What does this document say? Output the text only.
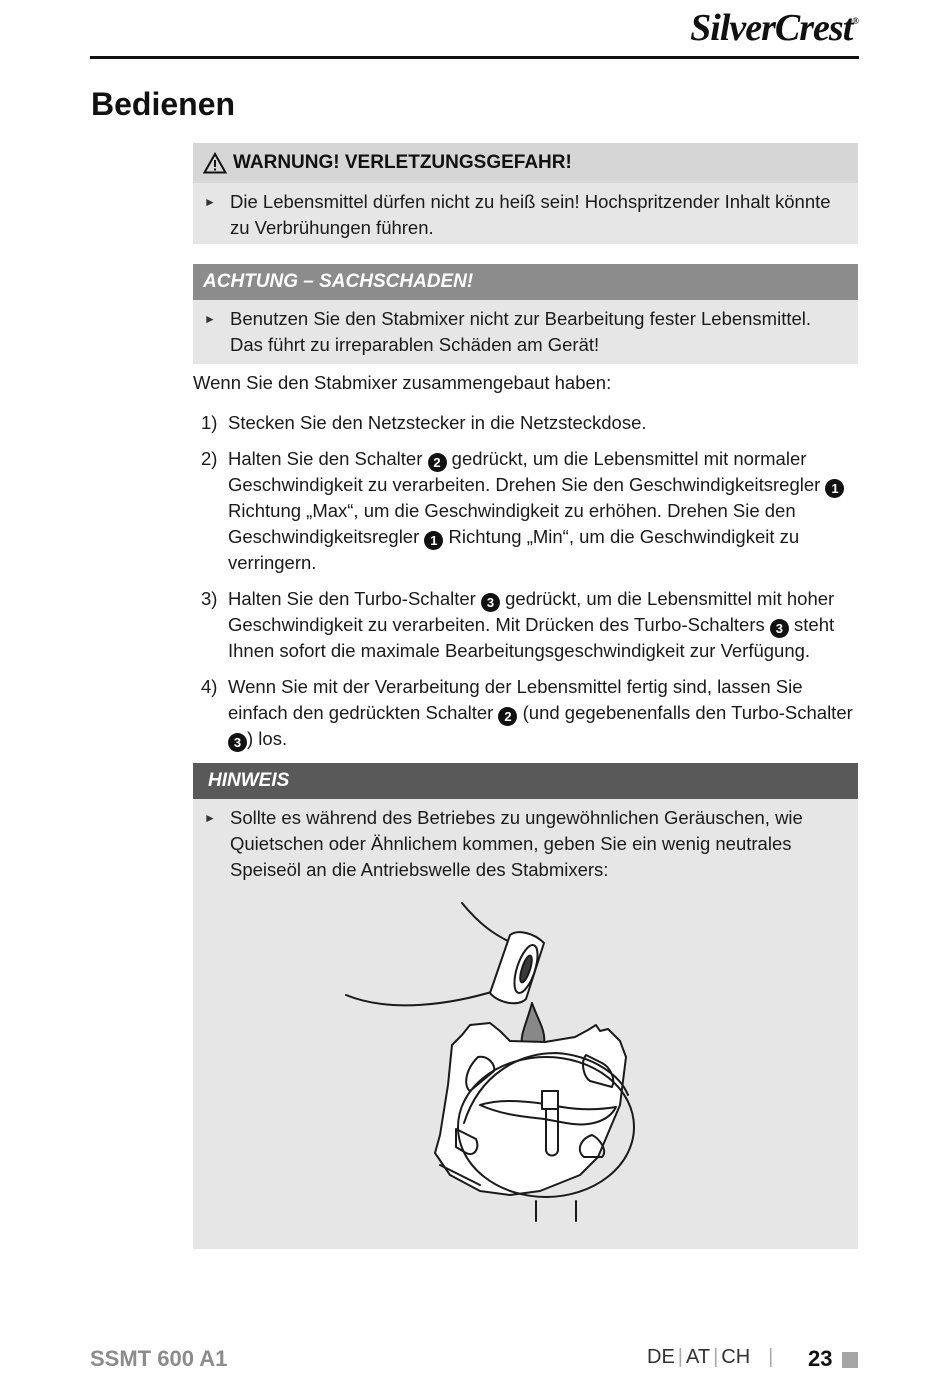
SilverCrest®
Bedienen
WARNUNG! VERLETZUNGSGEFAHR!
► Die Lebensmittel dürfen nicht zu heiß sein! Hochspritzender Inhalt könnte zu Verbrühungen führen.
ACHTUNG – SACHSCHADEN!
► Benutzen Sie den Stabmixer nicht zur Bearbeitung fester Lebensmittel. Das führt zu irreparablen Schäden am Gerät!

Wenn Sie den Stabmixer zusammengebaut haben:

1) Stecken Sie den Netzstecker in die Netzsteckdose.
2) Halten Sie den Schalter 2 gedrückt, um die Lebensmittel mit normaler Geschwindigkeit zu verarbeiten. Drehen Sie den Geschwindigkeitsregler 1 Richtung „Max“, um die Geschwindigkeit zu erhöhen. Drehen Sie den Geschwindigkeitsregler 1 Richtung „Min“, um die Geschwindigkeit zu verringern.
3) Halten Sie den Turbo-Schalter 3 gedrückt, um die Lebensmittel mit hoher Geschwindigkeit zu verarbeiten. Mit Drücken des Turbo-Schalters 3 steht Ihnen sofort die maximale Bearbeitungsgeschwindigkeit zur Verfügung.
4) Wenn Sie mit der Verarbeitung der Lebensmittel fertig sind, lassen Sie einfach den gedrückten Schalter 2 (und gegebenenfalls den Turbo-Schalter 3 ) los.
HINWEIS
► Sollte es während des Betriebes zu ungewöhnlichen Geräuschen, wie Quietschen oder Ähnlichem kommen, geben Sie ein wenig neutrales Speiseöl an die Antriebswelle des Stabmixers:
SSMT 600 A1	DE | AT | CH | 23
